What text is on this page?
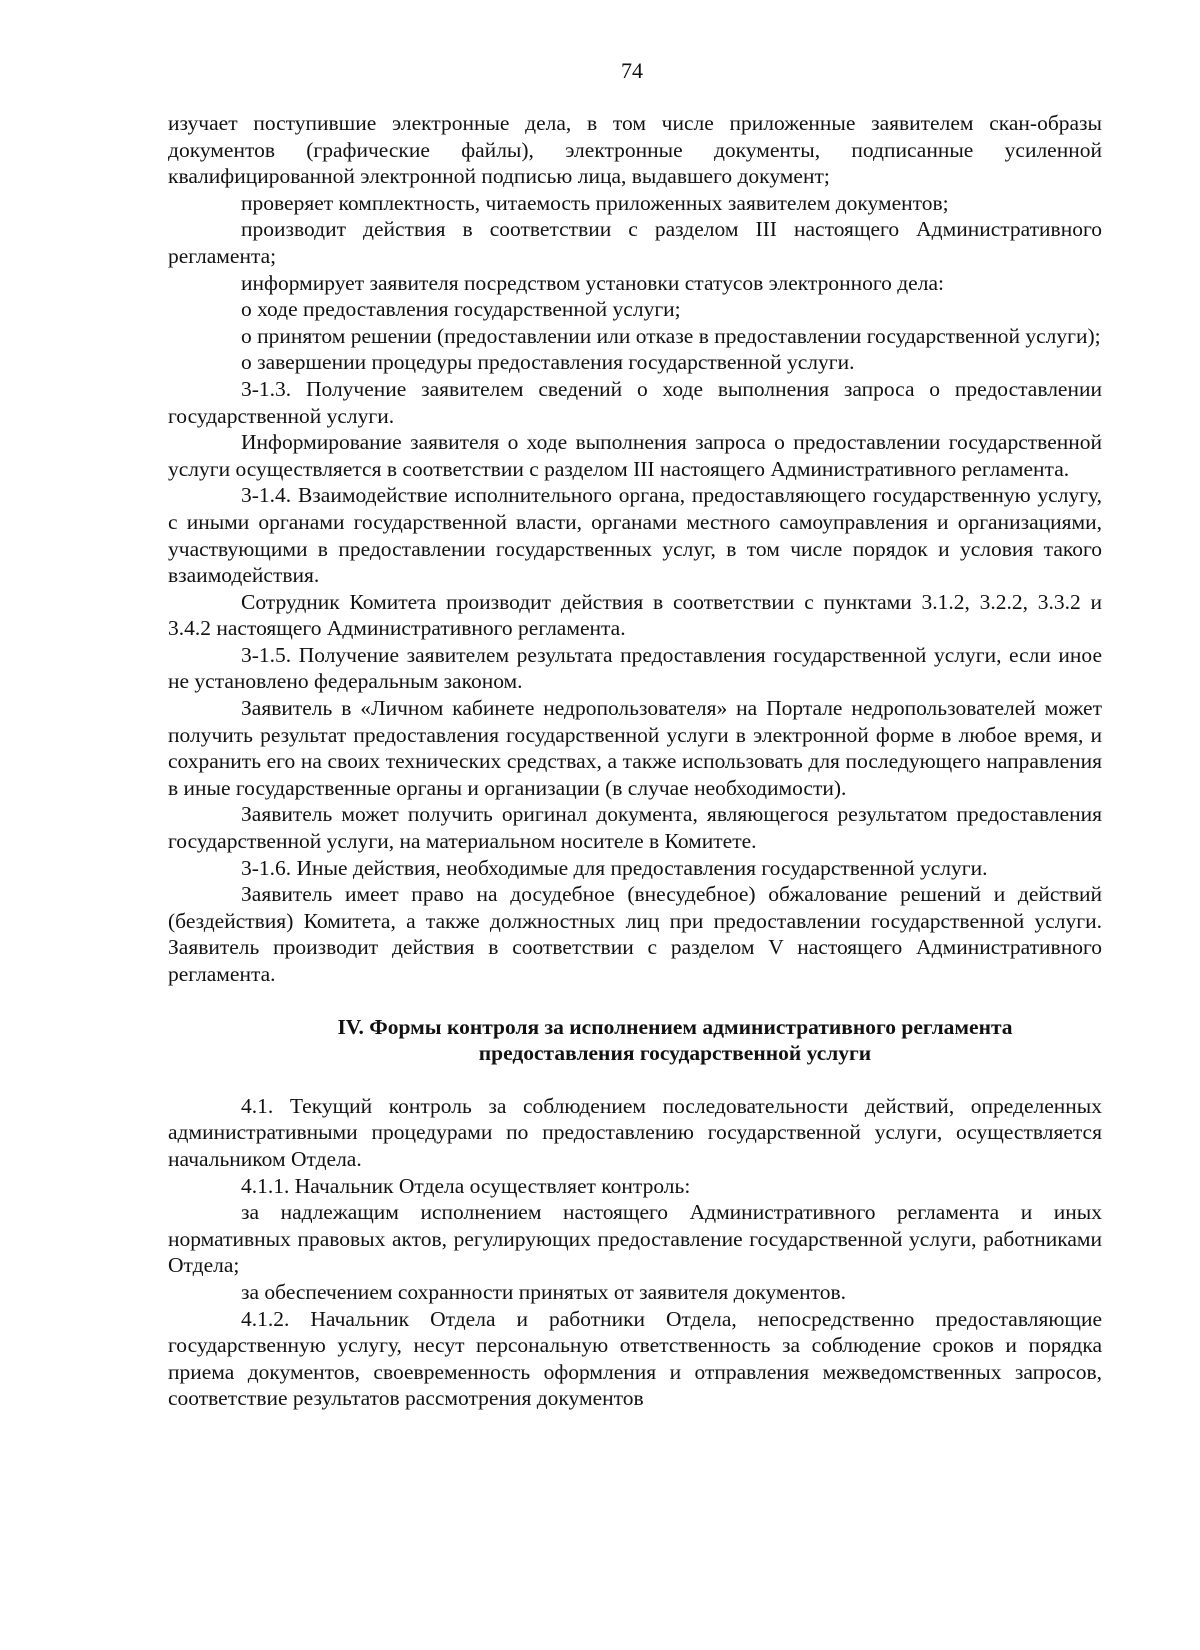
74

изучает поступившие электронные дела, в том числе приложенные заявителем скан-образы документов (графические файлы), электронные документы, подписанные усиленной квалифицированной электронной подписью лица, выдавшего документ;

проверяет комплектность, читаемость приложенных заявителем документов;

производит действия в соответствии с разделом III настоящего Административного регламента;

информирует заявителя посредством установки статусов электронного дела:

о ходе предоставления государственной услуги;

о принятом решении (предоставлении или отказе в предоставлении государственной услуги);

о завершении процедуры предоставления государственной услуги.

3-1.3. Получение заявителем сведений о ходе выполнения запроса о предоставлении государственной услуги.

Информирование заявителя о ходе выполнения запроса о предоставлении государственной услуги осуществляется в соответствии с разделом III настоящего Административного регламента.

3-1.4. Взаимодействие исполнительного органа, предоставляющего государственную услугу, с иными органами государственной власти, органами местного самоуправления и организациями, участвующими в предоставлении государственных услуг, в том числе порядок и условия такого взаимодействия.

Сотрудник Комитета производит действия в соответствии с пунктами 3.1.2, 3.2.2, 3.3.2 и 3.4.2 настоящего Административного регламента.

3-1.5. Получение заявителем результата предоставления государственной услуги, если иное не установлено федеральным законом.

Заявитель в «Личном кабинете недропользователя» на Портале недропользователей может получить результат предоставления государственной услуги в электронной форме в любое время, и сохранить его на своих технических средствах, а также использовать для последующего направления в иные государственные органы и организации (в случае необходимости).

Заявитель может получить оригинал документа, являющегося результатом предоставления государственной услуги, на материальном носителе в Комитете.

3-1.6. Иные действия, необходимые для предоставления государственной услуги.

Заявитель имеет право на досудебное (внесудебное) обжалование решений и действий (бездействия) Комитета, а также должностных лиц при предоставлении государственной услуги. Заявитель производит действия в соответствии с разделом V настоящего Административного регламента.

IV. Формы контроля за исполнением административного регламента
предоставления государственной услуги

4.1. Текущий контроль за соблюдением последовательности действий, определенных административными процедурами по предоставлению государственной услуги, осуществляется начальником Отдела.

4.1.1. Начальник Отдела осуществляет контроль:

за надлежащим исполнением настоящего Административного регламента и иных нормативных правовых актов, регулирующих предоставление государственной услуги, работниками Отдела;

за обеспечением сохранности принятых от заявителя документов.

4.1.2. Начальник Отдела и работники Отдела, непосредственно предоставляющие государственную услугу, несут персональную ответственность за соблюдение сроков и порядка приема документов, своевременность оформления и отправления межведомственных запросов, соответствие результатов рассмотрения документов
